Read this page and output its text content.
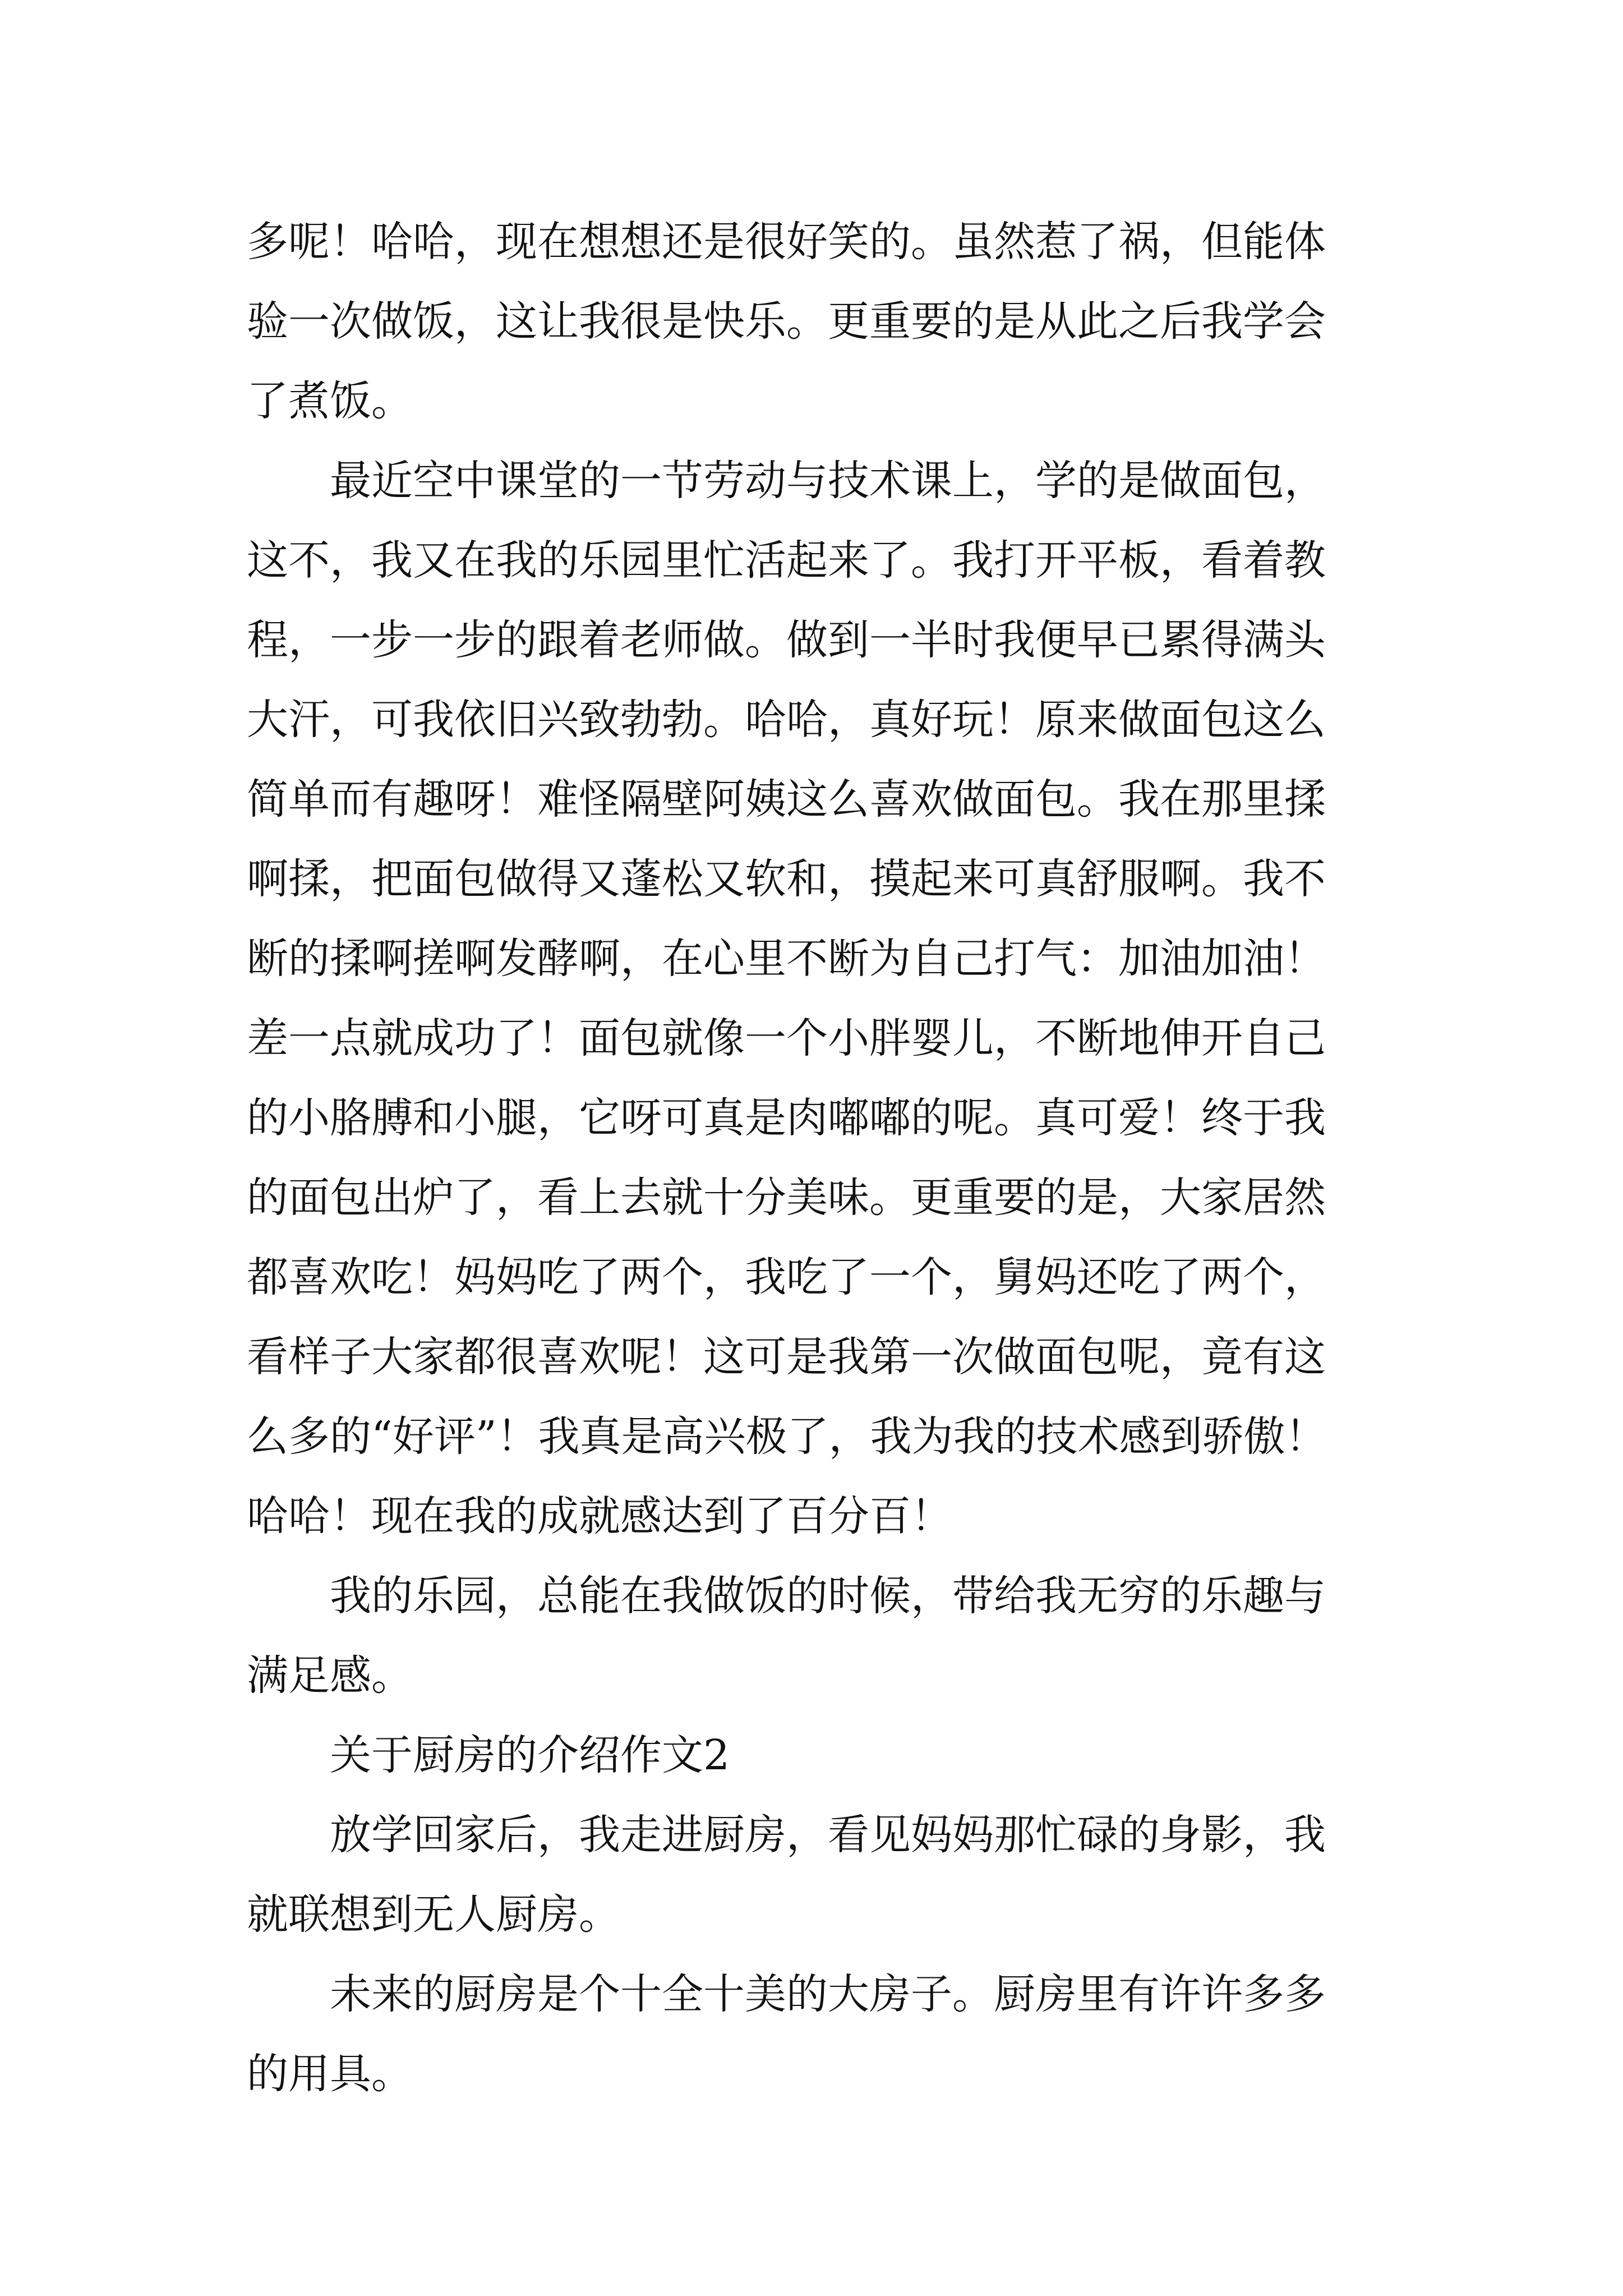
多呢！哈哈，现在想想还是很好笑的。虽然惹了祸，但能体
验一次做饭，这让我很是快乐。更重要的是从此之后我学会
了煮饭。

最近空中课堂的一节劳动与技术课上，学的是做面包，
这不，我又在我的乐园里忙活起来了。我打开平板，看着教
程，一步一步的跟着老师做。做到一半时我便早已累得满头
大汗，可我依旧兴致勃勃。哈哈，真好玩！原来做面包这么
简单而有趣呀！难怪隔壁阿姨这么喜欢做面包。我在那里揉
啊揉，把面包做得又蓬松又软和，摸起来可真舒服啊。我不
断的揉啊搓啊发酵啊，在心里不断为自己打气：加油加油！
差一点就成功了！面包就像一个小胖婴儿，不断地伸开自己
的小胳膊和小腿，它呀可真是肉嘟嘟的呢。真可爱！终于我
的面包出炉了，看上去就十分美味。更重要的是，大家居然
都喜欢吃！妈妈吃了两个，我吃了一个，舅妈还吃了两个，
看样子大家都很喜欢呢！这可是我第一次做面包呢，竟有这
么多的“好评”！我真是高兴极了，我为我的技术感到骄傲！
哈哈！现在我的成就感达到了百分百！

我的乐园，总能在我做饭的时候，带给我无穷的乐趣与
满足感。

关于厨房的介绍作文2

放学回家后，我走进厨房，看见妈妈那忙碌的身影，我
就联想到无人厨房。

未来的厨房是个十全十美的大房子。厨房里有许许多多
的用具。
